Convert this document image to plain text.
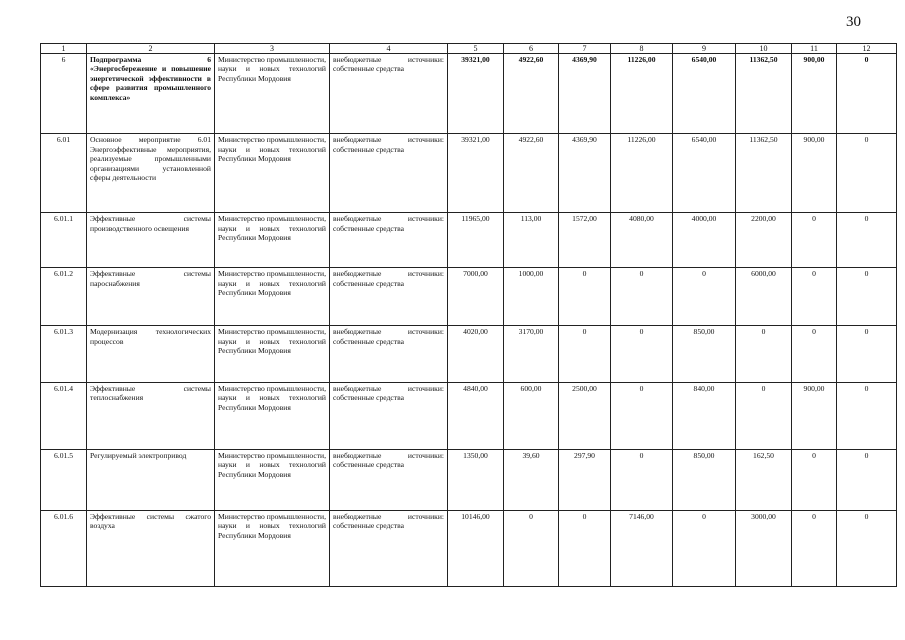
30
1	2	3	4	5	6	7	8	9	10	11	12
6	Подпрограмма 6 «Энергосбережение и повышение энергетической эффективности в сфере развития промышленного комплекса»	Министерство промышленности, науки и новых технологий Республики Мордовия	внебюджетные источники: собственные средства	39321,00	4922,60	4369,90	11226,00	6540,00	11362,50	900,00	0
6.01	Основное мероприятие 6.01 Энергоэффективные мероприятия, реализуемые промышленными организациями установленной сферы деятельности	Министерство промышленности, науки и новых технологий Республики Мордовия	внебюджетные источники: собственные средства	39321,00	4922,60	4369,90	11226,00	6540,00	11362,50	900,00	0
6.01.1	Эффективные системы производственного освещения	Министерство промышленности, науки и новых технологий Республики Мордовия	внебюджетные источники: собственные средства	11965,00	113,00	1572,00	4080,00	4000,00	2200,00	0	0
6.01.2	Эффективные системы пароснабжения	Министерство промышленности, науки и новых технологий Республики Мордовия	внебюджетные источники: собственные средства	7000,00	1000,00	0	0	0	6000,00	0	0
6.01.3	Модернизация технологических процессов	Министерство промышленности, науки и новых технологий Республики Мордовия	внебюджетные источники: собственные средства	4020,00	3170,00	0	0	850,00	0	0	0
6.01.4	Эффективные системы теплоснабжения	Министерство промышленности, науки и новых технологий Республики Мордовия	внебюджетные источники: собственные средства	4840,00	600,00	2500,00	0	840,00	0	900,00	0
6.01.5	Регулируемый электропривод	Министерство промышленности, науки и новых технологий Республики Мордовия	внебюджетные источники: собственные средства	1350,00	39,60	297,90	0	850,00	162,50	0	0
6.01.6	Эффективные системы сжатого воздуха	Министерство промышленности, науки и новых технологий Республики Мордовия	внебюджетные источники: собственные средства	10146,00	0	0	7146,00	0	3000,00	0	0
